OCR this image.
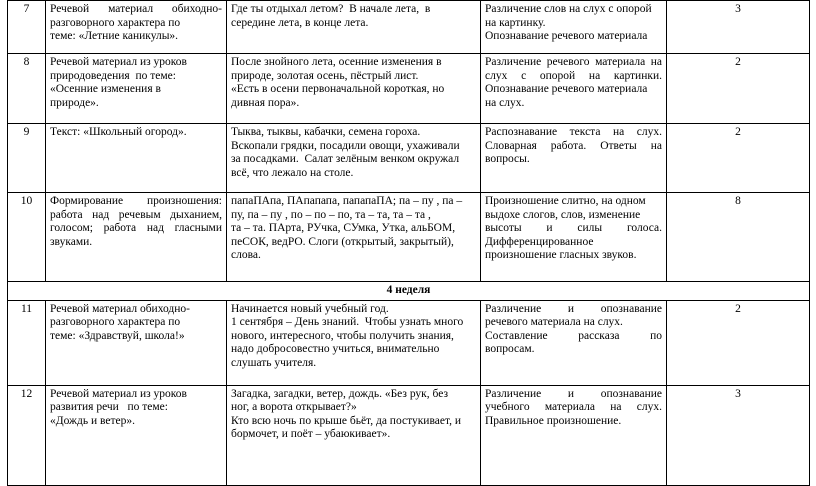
7	Речевой материал обиходно-
разговорного характера по
теме: «Летние каникулы».	Где ты отдыхал летом?  В начале лета,  в
середине лета, в конце лета.	Различение слов на слух с опорой
на картинку.
Опознавание речевого материала	3
8	Речевой материал из уроков
природоведения  по теме:
«Осенние изменения в
природе».	После знойного лета, осенние изменения в
природе, золотая осень, пёстрый лист.
«Есть в осени первоначальной короткая, но
дивная пора».	Различение речевого материала на
слух с опорой на картинки.
Опознавание речевого материала
на слух.	2
9	Текст: «Школьный огород».	Тыква, тыквы, кабачки, семена гороха.
Вскопали грядки, посадили овощи, ухаживали
за посадками.  Салат зелёным венком окружал
всё, что лежало на столе.	Распознавание текста на слух.
Словарная работа. Ответы на
вопросы.	2
10	Формирование произношения:
работа над речевым дыханием,
голосом; работа над гласными
звуками.	папаПАпа, ПАпапапа, папапаПА; па – пу , па –
пу, па – пу , по – по – по, та – та, та – та ,
та – та. ПАрта, РУчка, СУмка, Утка, альБОМ,
пеСОК, ведРО. Слоги (открытый, закрытый),
слова.	Произношение слитно, на одном
выдохе слогов, слов, изменение
высоты и силы голоса.
Дифференцированное
произношение гласных звуков.	8
4 неделя				
11	Речевой материал обиходно-
разговорного характера по
теме: «Здравствуй, школа!»	Начинается новый учебный год.
1 сентября – День знаний.  Чтобы узнать много
нового, интересного, чтобы получить знания,
надо добросовестно учиться, внимательно
слушать учителя.	Различение и опознавание
речевого материала на слух.
Составление рассказа по
вопросам.	2
12	Речевой материал из уроков
развития речи   по теме:
«Дождь и ветер».	Загадка, загадки, ветер, дождь. «Без рук, без
ног, а ворота открывает?»
Кто всю ночь по крыше бьёт, да постукивает, и
бормочет, и поёт – убаюкивает».	Различение и опознавание
учебного материала на слух.
Правильное произношение.	3
